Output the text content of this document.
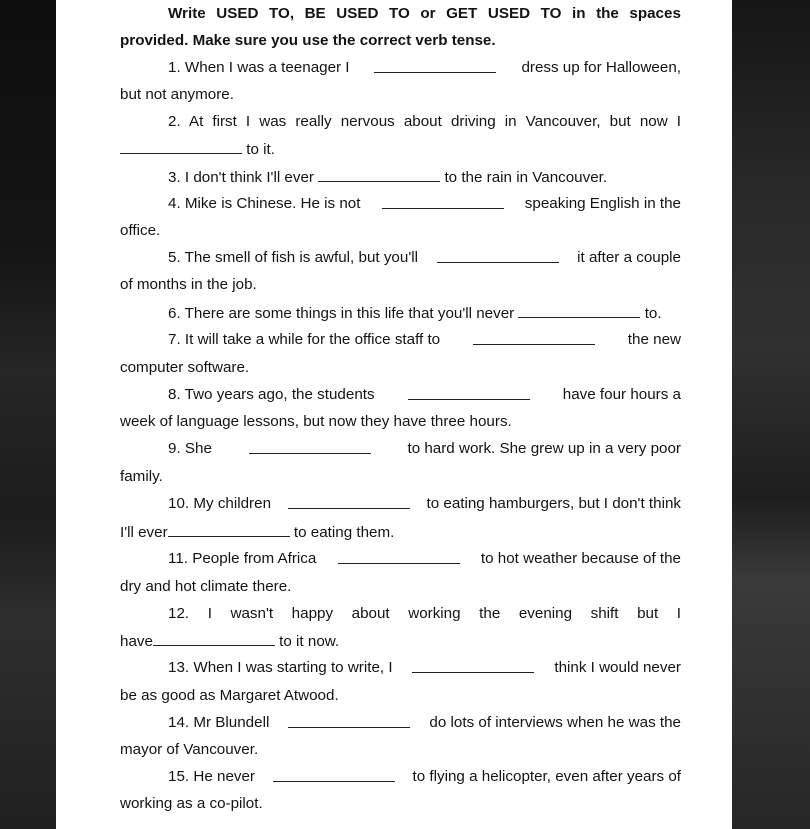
Write USED TO, BE USED TO or GET USED TO in the spaces
provided. Make sure you use the correct verb tense.
1. When I was a teenager I	dress up for Halloween,
but not anymore.
2. At first I was really nervous about driving in Vancouver, but now I
to it.
3. I don't think I'll ever	to the rain in Vancouver.
4. Mike is Chinese. He is not	speaking English in the
office.
5. The smell of fish is awful, but you'll	it after a couple
of months in the job.
6. There are some things in this life that you'll never	to.
7. It will take a while for the office staff to	the new
computer software.
8. Two years ago, the students	have four hours a
week of language lessons, but now they have three hours.
9. She	to hard work. She grew up in a very poor
family.
10. My children	to eating hamburgers, but I don't think
I'll ever	to eating them.
11. People from Africa	to hot weather because of the
dry and hot climate there.
12. I wasn't happy about working the evening shift but I
have	to it now.
13. When I was starting to write, I	think I would never
be as good as Margaret Atwood.
14. Mr Blundell	do lots of interviews when he was the
mayor of Vancouver.
15. He never	to flying a helicopter, even after years of
working as a co-pilot.
